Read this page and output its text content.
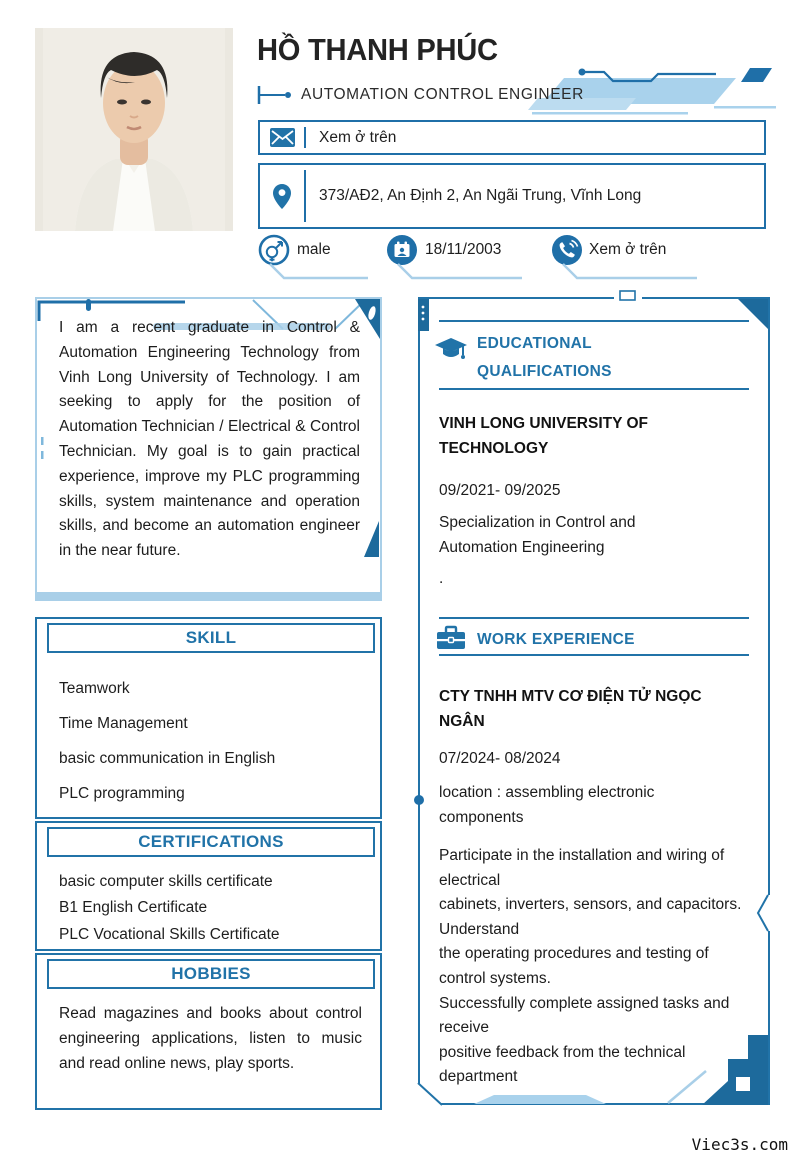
HỒ THANH PHÚC
AUTOMATION CONTROL ENGINEER
Xem ở trên
373/AĐ2, An Định 2, An Ngãi Trung, Vĩnh Long
male	18/11/2003	Xem ở trên
I am a recent graduate in Control & Automation Engineering Technology from Vinh Long University of Technology. I am seeking to apply for the position of Automation Technician / Electrical & Control Technician. My goal is to gain practical experience, improve my PLC programming skills, system maintenance and operation skills, and become an automation engineer in the near future.
SKILL
Teamwork
Time Management
basic communication in English
PLC programming
CERTIFICATIONS
basic computer skills certificate
B1 English Certificate
PLC Vocational Skills Certificate
HOBBIES
Read magazines and books about control engineering applications, listen to music and read online news, play sports.
EDUCATIONAL QUALIFICATIONS
VINH LONG UNIVERSITY OF TECHNOLOGY
09/2021- 09/2025
Specialization in Control and Automation Engineering
.
WORK EXPERIENCE
CTY TNHH MTV CƠ ĐIỆN TỬ NGỌC NGÂN
07/2024- 08/2024
location : assembling electronic components
Participate in the installation and wiring of electrical
cabinets, inverters, sensors, and capacitors. Understand
the operating procedures and testing of control systems.
Successfully complete assigned tasks and receive
positive feedback from the technical department
Viec3s.com
